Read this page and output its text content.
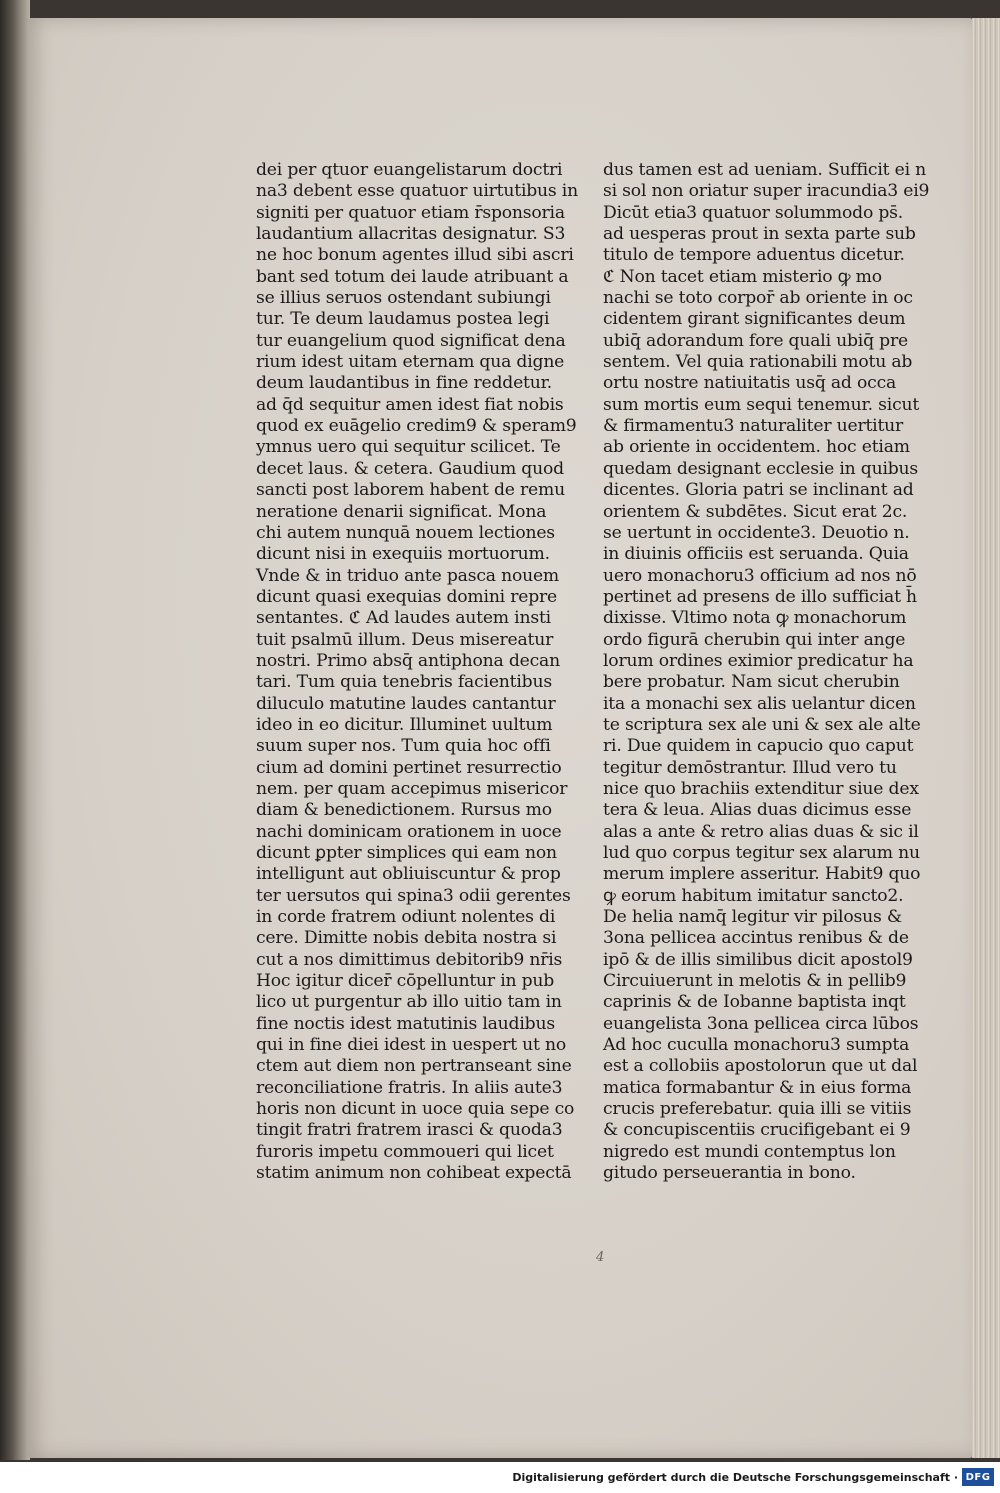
dei per qtuor euangelistarum doctri
na3 debent esse quatuor uirtutibus in
signiti per quatuor etiam r̄sponsoria
laudantium allacritas designatur. S3
ne hoc bonum agentes illud sibi ascri
bant sed totum dei laude atribuant a
se illius seruos ostendant subiungi
tur. Te deum laudamus postea legi
tur euangelium quod significat dena
rium idest uitam eternam qua digne
deum laudantibus in fine reddetur.
ad q̄d sequitur amen idest fiat nobis
quod ex euāgelio credim9 & speram9
ymnus uero qui sequitur scilicet. Te
decet laus. & cetera. Gaudium quod
sancti post laborem habent de remu
neratione denarii significat. Mona
chi autem nunquā nouem lectiones
dicunt nisi in exequiis mortuorum.
Vnde & in triduo ante pasca nouem
dicunt quasi exequias domini repre
sentantes. ℭ Ad laudes autem insti
tuit psalmū illum. Deus misereatur
nostri. Primo absq̄ antiphona decan
tari. Tum quia tenebris facientibus
diluculo matutine laudes cantantur
ideo in eo dicitur. Illuminet uultum
suum super nos. Tum quia hoc offi
cium ad domini pertinet resurrectio
nem. per quam accepimus misericor
diam & benedictionem. Rursus mo
nachi dominicam orationem in uoce
dicunt ꝑpter simplices qui eam non
intelligunt aut obliuiscuntur & prop
ter uersutos qui spina3 odii gerentes
in corde fratrem odiunt nolentes di
cere. Dimitte nobis debita nostra si
cut a nos dimittimus debitorib9 nr̄is
Hoc igitur dicer̄ cōpelluntur in pub
lico ut purgentur ab illo uitio tam in
fine noctis idest matutinis laudibus
qui in fine diei idest in uespert ut no
ctem aut diem non pertranseant sine
reconciliatione fratris. In aliis aute3
horis non dicunt in uoce quia sepe co
tingit fratri fratrem irasci & quoda3
furoris impetu commoueri qui licet
statim animum non cohibeat expectā
dus tamen est ad ueniam. Sufficit ei n
si sol non oriatur super iracundia3 ei9
Dicūt etia3 quatuor solummodo ps̄.
ad uesperas prout in sexta parte sub
titulo de tempore aduentus dicetur.
ℭ Non tacet etiam misterio ꝙ mo
nachi se toto corpor̄ ab oriente in oc
cidentem girant significantes deum
ubiq̄ adorandum fore quali ubiq̄ pre
sentem. Vel quia rationabili motu ab
ortu nostre natiuitatis usq̄ ad occa
sum mortis eum sequi tenemur. sicut
& firmamentu3 naturaliter uertitur
ab oriente in occidentem. hoc etiam
quedam designant ecclesie in quibus
dicentes. Gloria patri se inclinant ad
orientem & subdētes. Sicut erat 2c.
se uertunt in occidente3. Deuotio n.
in diuinis officiis est seruanda. Quia
uero monachoru3 officium ad nos nō
pertinet ad presens de illo sufficiat h̄
dixisse. Vltimo nota ꝙ monachorum
ordo figurā cherubin qui inter ange
lorum ordines eximior predicatur ha
bere probatur. Nam sicut cherubin
ita a monachi sex alis uelantur dicen
te scriptura sex ale uni & sex ale alte
ri. Due quidem in capucio quo caput
tegitur demōstrantur. Illud vero tu
nice quo brachiis extenditur siue dex
tera & leua. Alias duas dicimus esse
alas a ante & retro alias duas & sic il
lud quo corpus tegitur sex alarum nu
merum implere asseritur. Habit9 quo
ꝙ eorum habitum imitatur sancto2.
De helia namq̄ legitur vir pilosus &
3ona pellicea accintus renibus & de
ipō & de illis similibus dicit apostol9
Circuiuerunt in melotis & in pellib9
caprinis & de Iobanne baptista inqt
euangelista 3ona pellicea circa lūbos
Ad hoc cuculla monachoru3 sumpta
est a collobiis apostolorun que ut dal
matica formabantur & in eius forma
crucis preferebatur. quia illi se vitiis
& concupiscentiis crucifigebant ei 9
nigredo est mundi contemptus lon
gitudo perseuerantia in bono.
4
Digitalisierung gefördert durch die Deutsche Forschungsgemeinschaft · DFG
